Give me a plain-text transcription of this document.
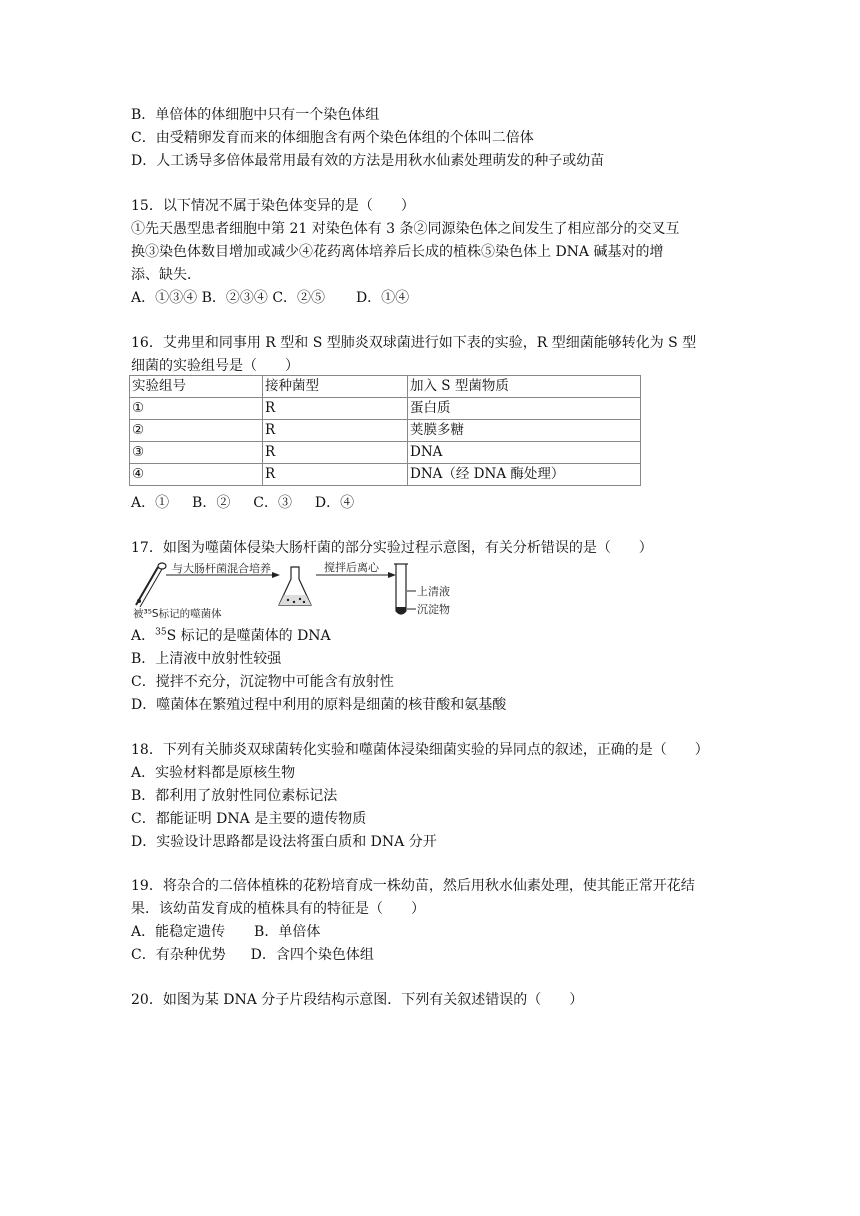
B．单倍体的体细胞中只有一个染色体组
C．由受精卵发育而来的体细胞含有两个染色体组的个体叫二倍体
D．人工诱导多倍体最常用最有效的方法是用秋水仙素处理萌发的种子或幼苗
15．以下情况不属于染色体变异的是（　　）
①先天愚型患者细胞中第 21 对染色体有 3 条②同源染色体之间发生了相应部分的交叉互
换③染色体数目增加或减少④花药离体培养后长成的植株⑤染色体上 DNA 碱基对的增
添、缺失．
A．①③④ B．②③④ C．②⑤ D．①④
16．艾弗里和同事用 R 型和 S 型肺炎双球菌进行如下表的实验，R 型细菌能够转化为 S 型
细菌的实验组号是（　　）
实验组号	接种菌型	加入 S 型菌物质
①	R	蛋白质
②	R	荚膜多糖
③	R	DNA
④	R	DNA（经 DNA 酶处理）
A．① B．② C．③ D．④
17．如图为噬菌体侵染大肠杆菌的部分实验过程示意图，有关分析错误的是（　　）
与大肠杆菌混合培养	搅拌后离心
上清液
沉淀物
被³⁵S标记的噬菌体
A．$^{35}$S 标记的是噬菌体的 DNA
B．上清液中放射性较强
C．搅拌不充分，沉淀物中可能含有放射性
D．噬菌体在繁殖过程中利用的原料是细菌的核苷酸和氨基酸
18．下列有关肺炎双球菌转化实验和噬菌体浸染细菌实验的异同点的叙述，正确的是（　　）
A．实验材料都是原核生物
B．都利用了放射性同位素标记法
C．都能证明 DNA 是主要的遗传物质
D．实验设计思路都是设法将蛋白质和 DNA 分开
19．将杂合的二倍体植株的花粉培育成一株幼苗，然后用秋水仙素处理，使其能正常开花结
果．该幼苗发育成的植株具有的特征是（　　）
A．能稳定遗传 B．单倍体
C．有杂种优势 D．含四个染色体组
20．如图为某 DNA 分子片段结构示意图．下列有关叙述错误的（　　）
